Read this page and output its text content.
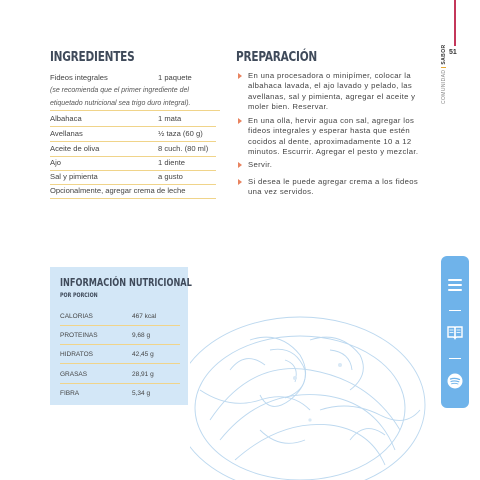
INGREDIENTES	PREPARACIÓN
Fideos integrales	1 paquete
(se recomienda que el primer ingrediente del
etiquetado nutricional sea trigo duro integral).
Albahaca	1 mata
Avellanas	½ taza (60 g)
Aceite de oliva	8 cuch. (80 ml)
Ajo	1 diente
Sal y pimienta	a gusto
Opcionalmente, agregar crema de leche
En una procesadora o minipímer, colocar la albahaca lavada, el ajo lavado y pelado, las avellanas, sal y pimienta, agregar el aceite y moler bien. Reservar.
En una olla, hervir agua con sal, agregar los fideos integrales y esperar hasta que estén cocidos al dente, aproximadamente 10 a 12 minutos. Escurrir. Agregar el pesto y mezclar.
Servir.
Si desea le puede agregar crema a los fideos una vez servidos.
51
COMUNIDADSABOR
INFORMACIÓN NUTRICIONAL
POR PORCIÓN
CALORIAS	467 kcal
PROTEINAS	9,68 g
HIDRATOS	42,45 g
GRASAS	28,91 g
FIBRA	5,34 g
